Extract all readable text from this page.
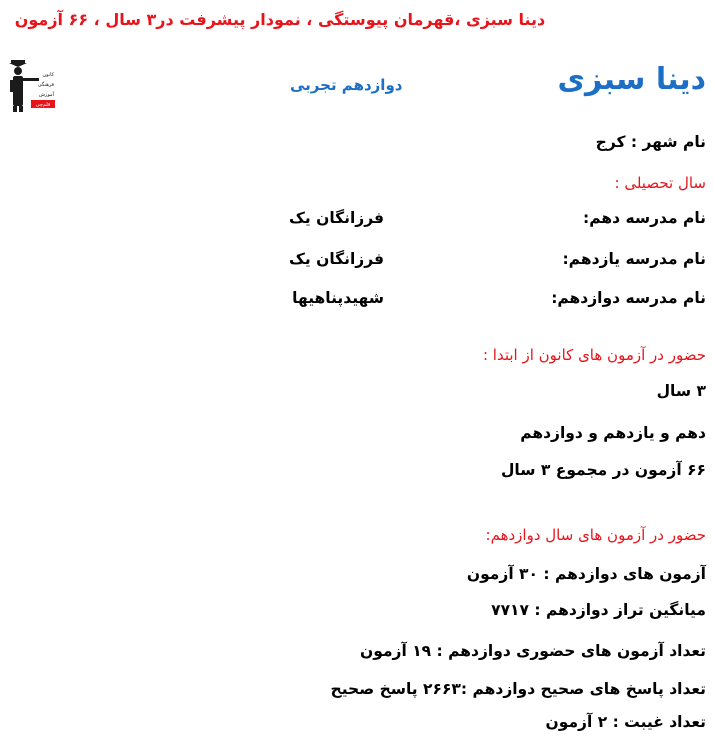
دینا سبزی ،قهرمان پیوستگی ، نمودار پیشرفت در۳ سال ، ۶۶ آزمون
کانون
فرهنگی
آموزش
قلم‌چی
دینا سبزی
دوازدهم تجربی
نام شهر : کرج
سال تحصیلی :
نام مدرسه دهم:
فرزانگان یک
نام مدرسه یازدهم:
فرزانگان یک
نام مدرسه دوازدهم:
شهیدپناهیها
حضور در آزمون های کانون از ابتدا :
۳ سال
دهم و یازدهم و دوازدهم
۶۶ آزمون در مجموع ۳ سال
حضور در آزمون های سال دوازدهم:
آزمون های دوازدهم : ۳۰ آزمون
میانگین تراز دوازدهم : ۷۷۱۷
تعداد آزمون های حضوری دوازدهم : ۱۹ آزمون
تعداد پاسخ های صحیح دوازدهم :۲۶۶۳ پاسخ صحیح
تعداد غیبت : ۲ آزمون
